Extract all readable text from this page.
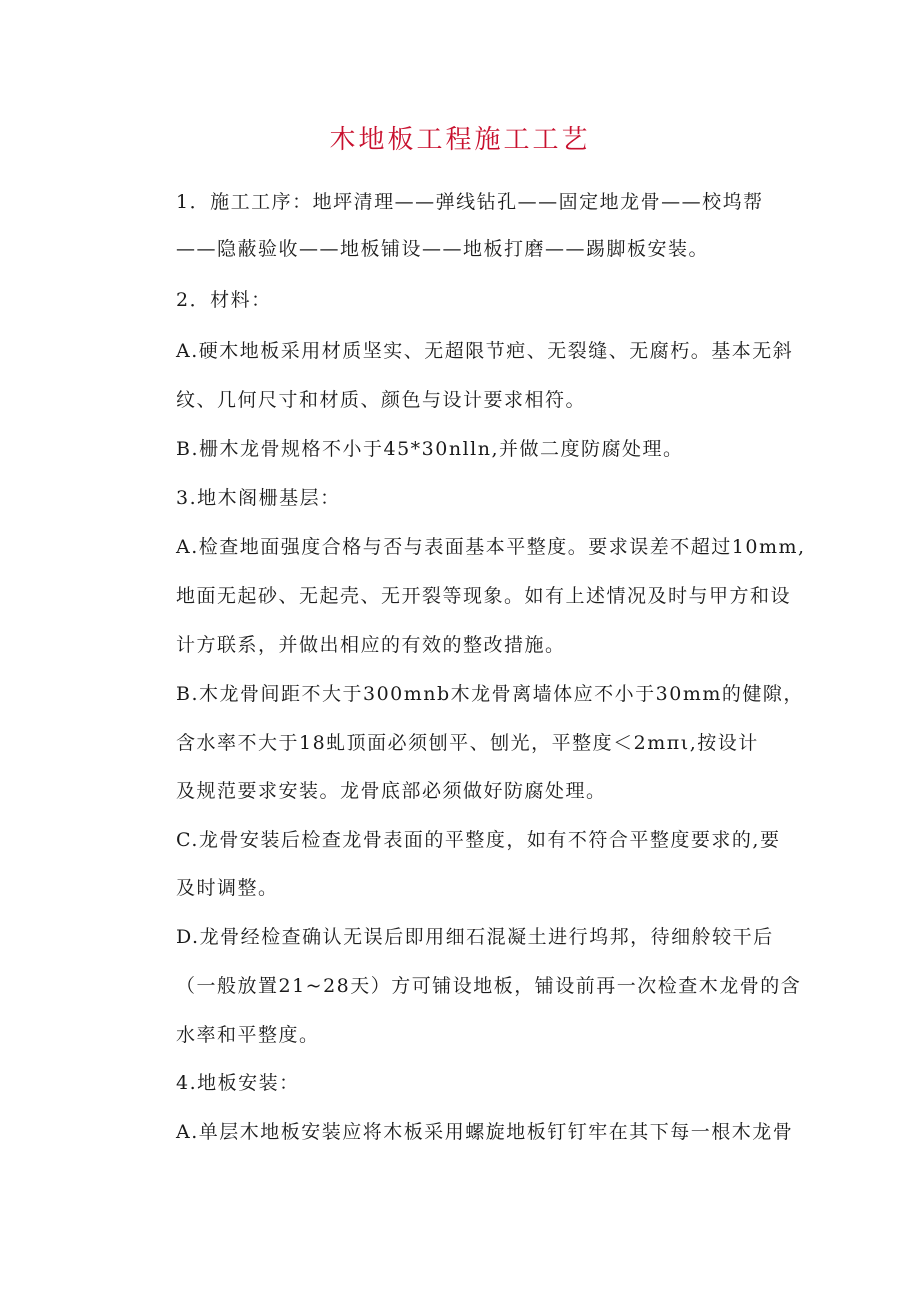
木地板工程施工工艺
1．施工工序：地坪清理——弹线钻孔——固定地龙骨——校坞帮
——隐蔽验收——地板铺设——地板打磨——踢脚板安装。
2．材料：
A.硬木地板采用材质坚实、无超限节疤、无裂缝、无腐朽。基本无斜
纹、几何尺寸和材质、颜色与设计要求相符。
B.栅木龙骨规格不小于45*30nlln,并做二度防腐处理。
3.地木阁栅基层：
A.检查地面强度合格与否与表面基本平整度。要求误差不超过10mm,
地面无起砂、无起壳、无开裂等现象。如有上述情况及时与甲方和设
计方联系，并做出相应的有效的整改措施。
B.木龙骨间距不大于300mnb木龙骨离墙体应不小于30mm的健隙，
含水率不大于18虬顶面必须刨平、刨光，平整度＜2mπι,按设计
及规范要求安装。龙骨底部必须做好防腐处理。
C.龙骨安装后检查龙骨表面的平整度，如有不符合平整度要求的,要
及时调整。
D.龙骨经检查确认无误后即用细石混凝土进行坞邦，待细舲较干后
（一般放置21~28天）方可铺设地板，铺设前再一次检查木龙骨的含
水率和平整度。
4.地板安装：
A.单层木地板安装应将木板采用螺旋地板钉钉牢在其下每一根木龙骨
